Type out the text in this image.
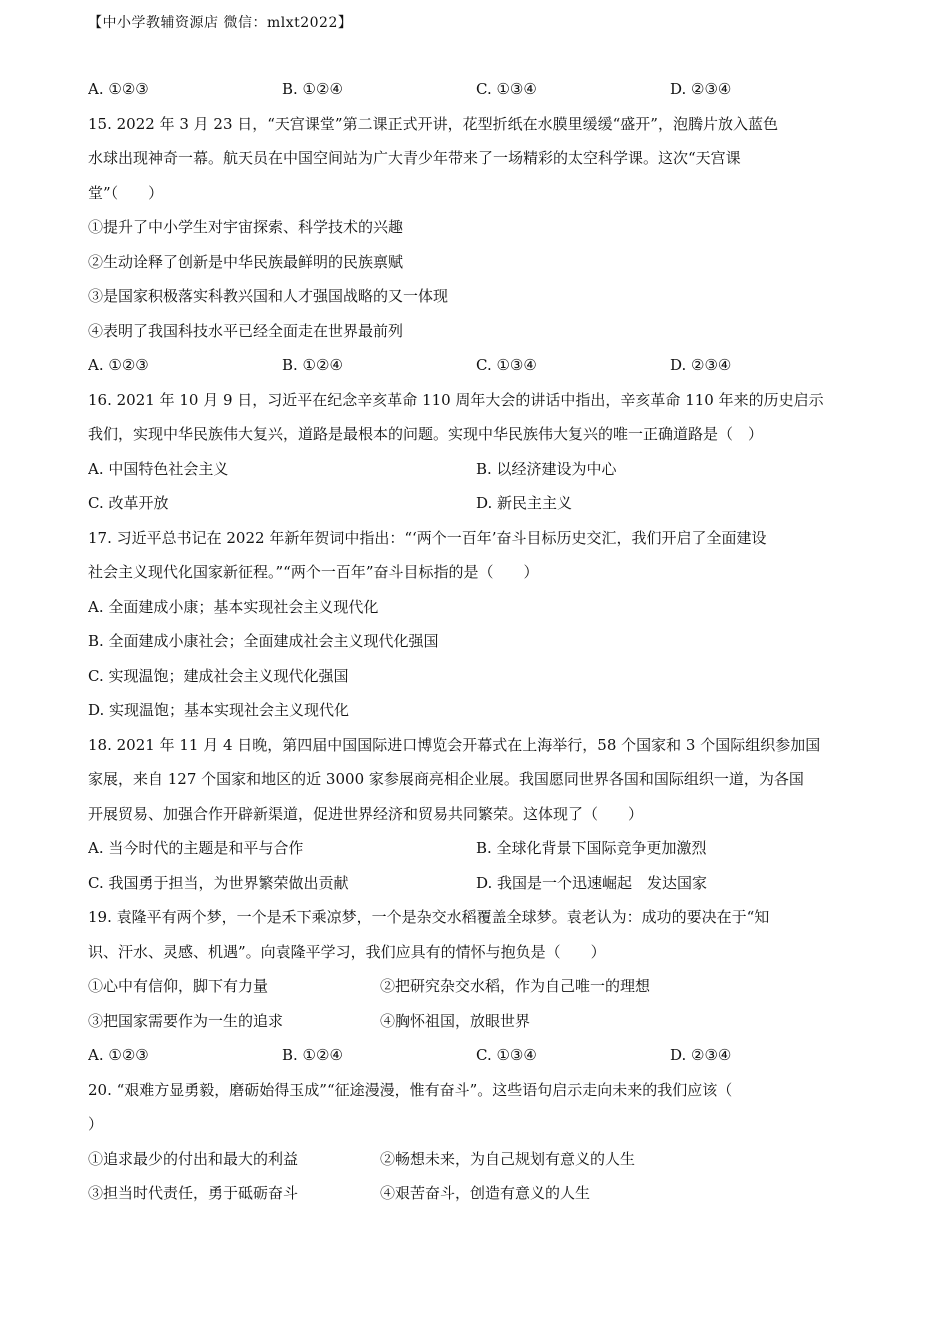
【中小学教辅资源店 微信：mlxt2022】
A. ①②③	B. ①②④	C. ①③④	D. ②③④
15. 2022 年 3 月 23 日，“天宫课堂”第二课正式开讲，花型折纸在水膜里缓缓“盛开”，泡腾片放入蓝色
水球出现神奇一幕。航天员在中国空间站为广大青少年带来了一场精彩的太空科学课。这次“天宫课
堂”（　　）
①提升了中小学生对宇宙探索、科学技术的兴趣
②生动诠释了创新是中华民族最鲜明的民族禀赋
③是国家积极落实科教兴国和人才强国战略的又一体现
④表明了我国科技水平已经全面走在世界最前列
A. ①②③	B. ①②④	C. ①③④	D. ②③④
16. 2021 年 10 月 9 日，习近平在纪念辛亥革命 110 周年大会的讲话中指出，辛亥革命 110 年来的历史启示
我们，实现中华民族伟大复兴，道路是最根本的问题。实现中华民族伟大复兴的唯一正确道路是（　）
A. 中国特色社会主义	B. 以经济建设为中心
C. 改革开放	D. 新民主主义
17. 习近平总书记在 2022 年新年贺词中指出：“‘两个一百年’奋斗目标历史交汇，我们开启了全面建设
社会主义现代化国家新征程。”“两个一百年”奋斗目标指的是（　　）
A. 全面建成小康；基本实现社会主义现代化
B. 全面建成小康社会；全面建成社会主义现代化强国
C. 实现温饱；建成社会主义现代化强国
D. 实现温饱；基本实现社会主义现代化
18. 2021 年 11 月 4 日晚，第四届中国国际进口博览会开幕式在上海举行，58 个国家和 3 个国际组织参加国
家展，来自 127 个国家和地区的近 3000 家参展商亮相企业展。我国愿同世界各国和国际组织一道，为各国
开展贸易、加强合作开辟新渠道，促进世界经济和贸易共同繁荣。这体现了（　　）
A. 当今时代的主题是和平与合作	B. 全球化背景下国际竞争更加激烈
C. 我国勇于担当，为世界繁荣做出贡献	D. 我国是一个迅速崛起　发达国家
19. 袁隆平有两个梦，一个是禾下乘凉梦，一个是杂交水稻覆盖全球梦。袁老认为：成功的要决在于“知
识、汗水、灵感、机遇”。向袁隆平学习，我们应具有的情怀与抱负是（　　）
①心中有信仰，脚下有力量	②把研究杂交水稻，作为自己唯一的理想
③把国家需要作为一生的追求	④胸怀祖国，放眼世界
A. ①②③	B. ①②④	C. ①③④	D. ②③④
20. “艰难方显勇毅，磨砺始得玉成”“征途漫漫，惟有奋斗”。这些语句启示走向未来的我们应该（
）
①追求最少的付出和最大的利益	②畅想未来，为自己规划有意义的人生
③担当时代责任，勇于砥砺奋斗	④艰苦奋斗，创造有意义的人生
